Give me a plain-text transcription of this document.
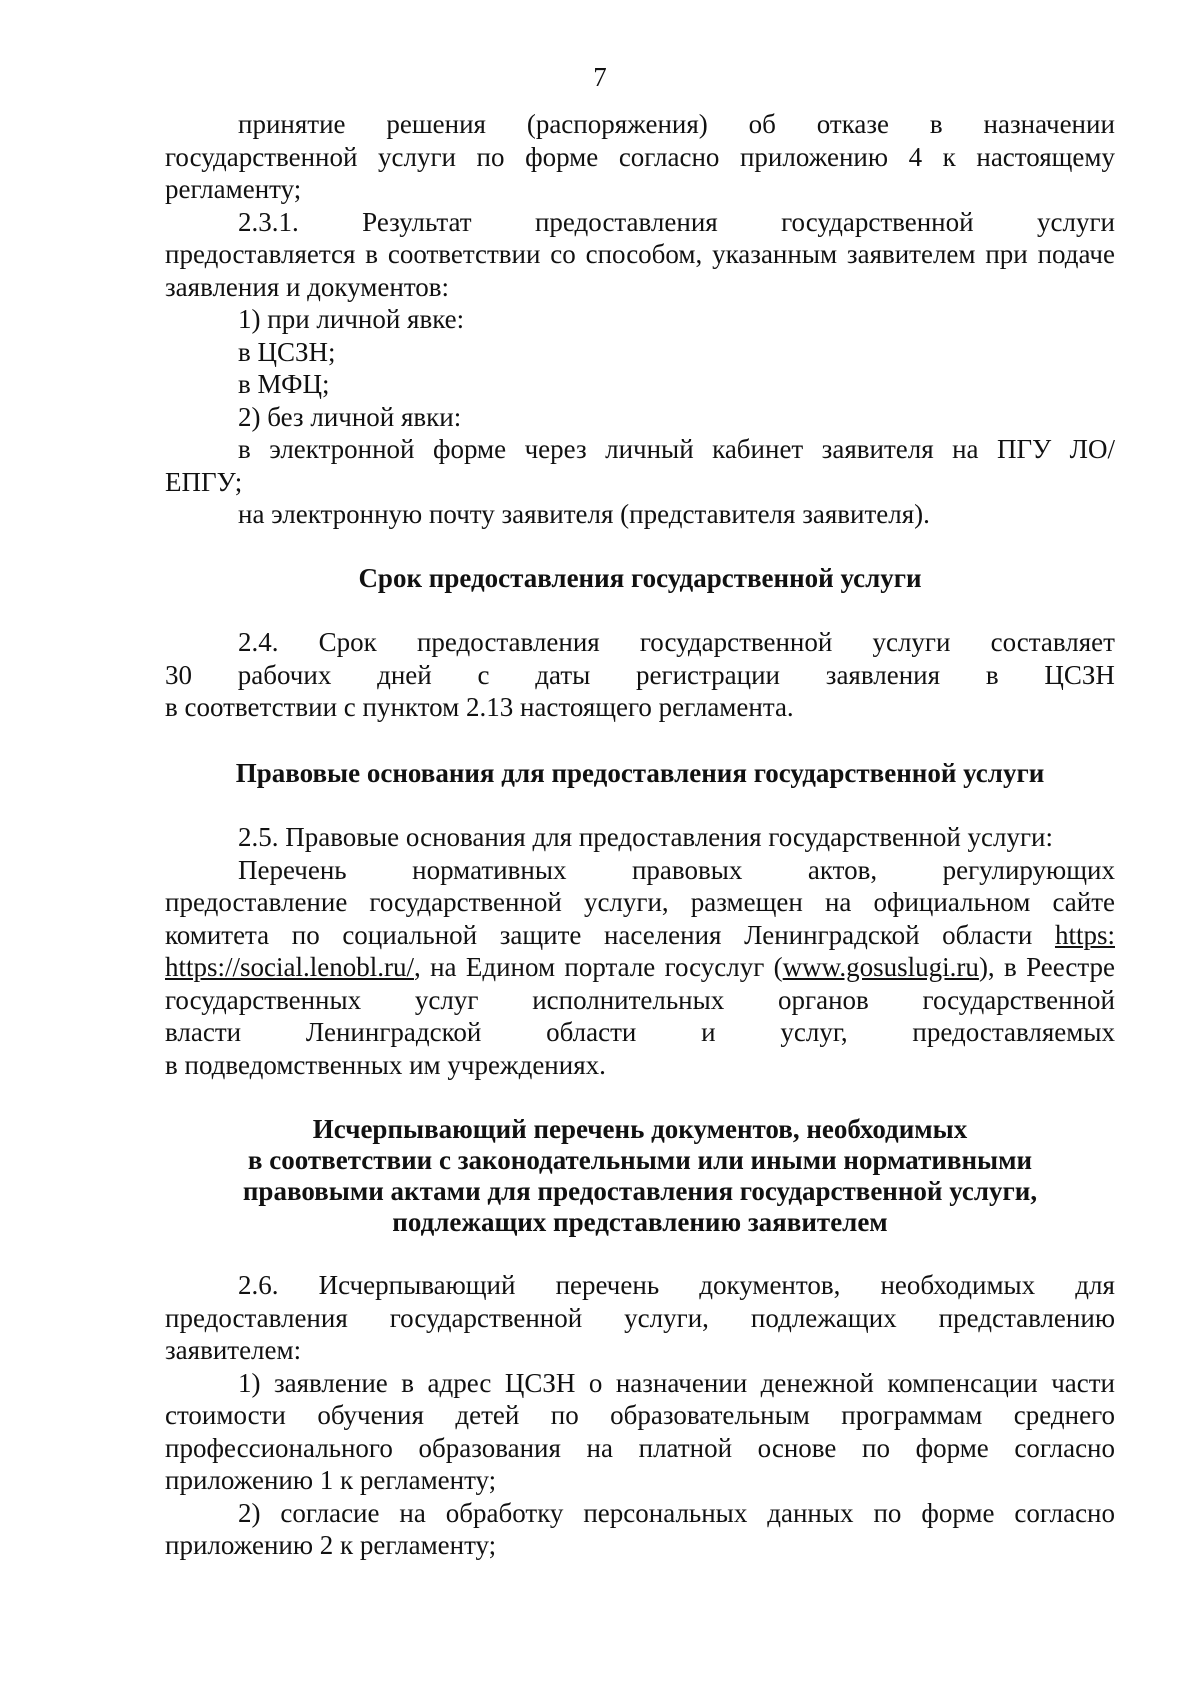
7
принятие решения (распоряжения) об отказе в назначении

государственной услуги по форме согласно приложению 4 к настоящему регламенту;

2.3.1. Результат предоставления государственной услуги

предоставляется в соответствии со способом, указанным заявителем при подаче заявления и документов:

1) при личной явке:

в ЦСЗН;

в МФЦ;

2) без личной явки:

в электронной форме через личный кабинет заявителя на ПГУ ЛО/ЕПГУ;

на электронную почту заявителя (представителя заявителя).

Срок предоставления государственной услуги

2.4. Срок предоставления государственной услуги составляет
30 рабочих дней с даты регистрации заявления в ЦСЗН

в соответствии с пунктом 2.13 настоящего регламента.

Правовые основания для предоставления государственной услуги

2.5. Правовые основания для предоставления государственной услуги:

Перечень нормативных правовых актов, регулирующих

предоставление государственной услуги, размещен на официальном сайте комитета по социальной защите населения Ленинградской области https: https://social.lenobl.ru/, на Едином портале госуслуг (www.gosuslugi.ru), в Реестре государственных услуг исполнительных органов государственной

власти Ленинградской области и услуг, предоставляемых

в подведомственных им учреждениях.

Исчерпывающий перечень документов, необходимых
в соответствии с законодательными или иными нормативными
правовыми актами для предоставления государственной услуги,
подлежащих представлению заявителем
2.6. Исчерпывающий перечень документов, необходимых для

предоставления государственной услуги, подлежащих представлению заявителем:

1) заявление в адрес ЦСЗН о назначении денежной компенсации части стоимости обучения детей по образовательным программам среднего профессионального образования на платной основе по форме согласно приложению 1 к регламенту;

2) согласие на обработку персональных данных по форме согласно приложению 2 к регламенту;
